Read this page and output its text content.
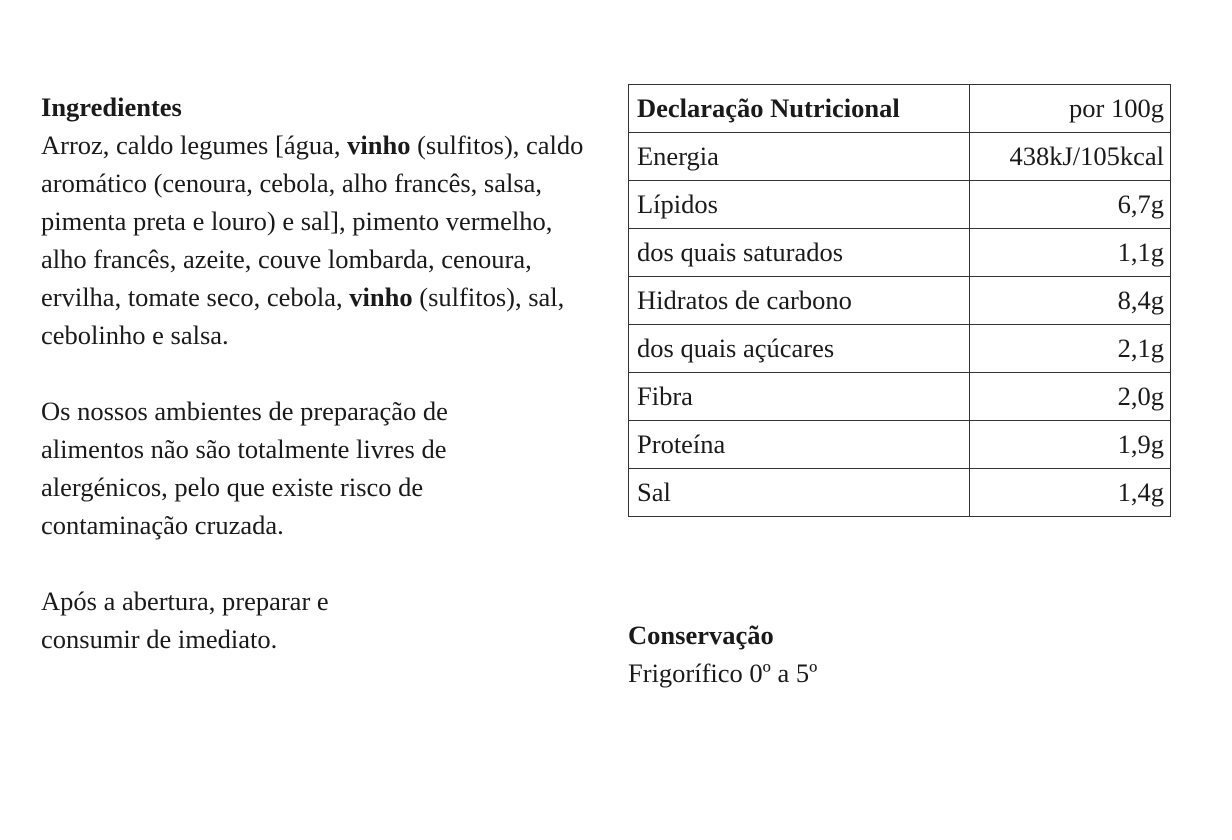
Ingredientes

Arroz, caldo legumes [água, vinho (sulfitos), caldo aromático (cenoura, cebola, alho francês, salsa, pimenta preta e louro) e sal], pimento vermelho, alho francês, azeite, couve lombarda, cenoura, ervilha, tomate seco, cebola, vinho (sulfitos), sal, cebolinho e salsa.

Os nossos ambientes de preparação de alimentos não são totalmente livres de alergénicos, pelo que existe risco de contaminação cruzada.

Após a abertura, preparar e consumir de imediato.

Declaração Nutricional	por 100g
Energia	438kJ/105kcal
Lípidos	6,7g
dos quais saturados	1,1g
Hidratos de carbono	8,4g
dos quais açúcares	2,1g
Fibra	2,0g
Proteína	1,9g
Sal	1,4g

Conservação

Frigorífico 0º a 5º
